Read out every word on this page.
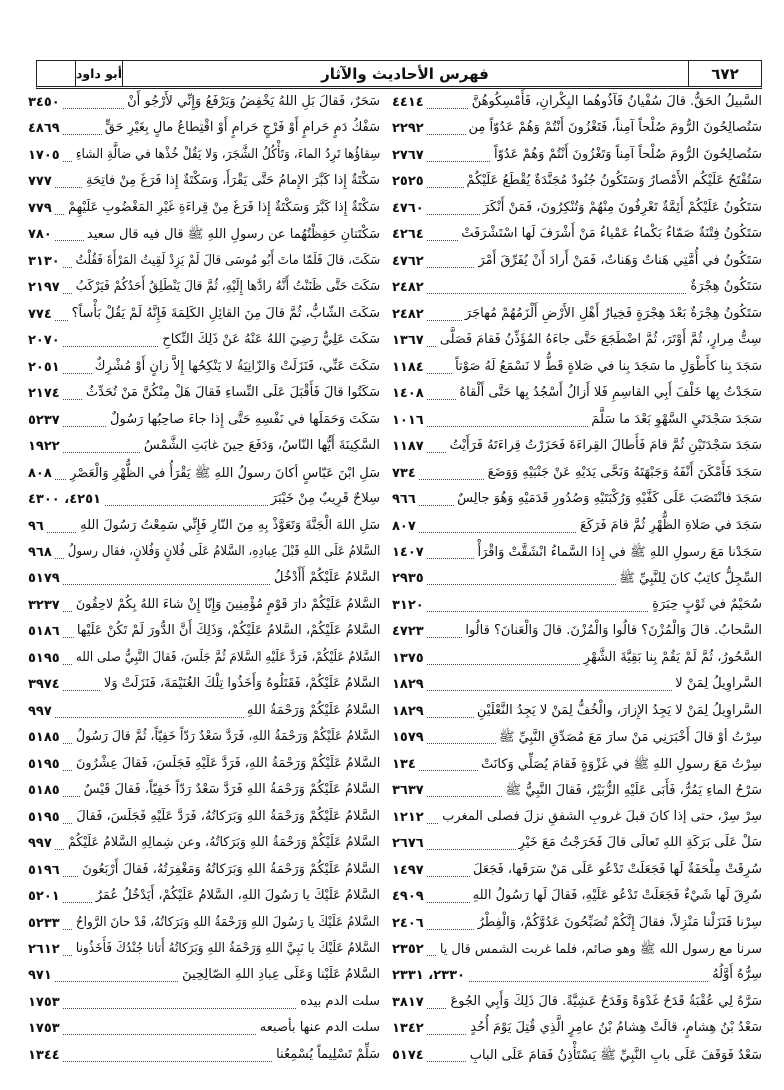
٦٧٢
فهرس الأحاديث والآثار
أبو داود
السَّبيلُ الحَقُّ. قالَ سُفْيانُ فَآذُوهُما البِكْرانِ، فَأَمْسِكُوهُنَّ
٤٤١٤
سَتُصالِحُونَ الرُّومَ صُلْحاً آمِناً، فَتَغْزُونَ أَنْتُمْ وَهُمْ عَدُوّاً مِن
٢٢٩٢
سَتُصالِحُونَ الرُّومَ صُلْحاً آمِناً وَتَغْزُونَ أَنْتُمْ وَهُمْ عَدُوّاً
٢٧٦٧
سَتُفْتَحُ عَلَيْكُم الأَمْصارُ وَسَتَكُونُ جُنُودٌ مُجَنَّدَةٌ يُقْطَعُ عَلَيْكُمْ
٢٥٢٥
سَتَكُونُ عَلَيْكُمْ أَئِمَّةٌ تَعْرِفُونَ مِنْهُمْ وَتُنْكِرُونَ، فَمَنْ أَنْكَرَ
٤٧٦٠
سَتَكُونُ فِتْنَةٌ صَمّاءُ بَكْماءُ عَمْياءُ مَنْ أَشْرَفَ لَها اسْتَشْرَفَتْ
٤٢٦٤
سَتَكُونُ في أُمَّتِي هَناتٌ وَهَناتٌ، فَمَنْ أَرادَ أَنْ يُفَرِّقَ أَمْرَ
٤٧٦٢
سَتَكُونُ هِجْرَةٌ
٢٤٨٢
سَتَكُونُ هِجْرَةٌ بَعْدَ هِجْرَةٍ فَخِيارُ أَهْلِ الأَرْضِ أَلْزَمُهُمْ مُهاجَرَ
٢٤٨٢
سِتُّ مِرارٍ، ثُمَّ أَوْتَرَ، ثُمَّ اضْطَجَعَ حَتَّى جاءَهُ المُؤَذِّنُ فَقامَ فَصَلَّى
١٣٦٧
سَجَدَ بِنا كأَطْوَلِ ما سَجَدَ بِنا في صَلاةٍ قَطُّ لا نَسْمَعُ لَهُ صَوْتاً
١١٨٤
سَجَدْتُ بِها خَلْفَ أَبِي القاسِمِ فَلا أَزالُ أَسْجُدُ بِها حَتَّى أَلْقاهُ
١٤٠٨
سَجَدَ سَجْدَتَيِ السَّهْوِ بَعْدَ ما سَلَّمَ
١٠١٦
سَجَدَ سَجْدَتَيْنِ ثُمَّ قامَ فَأَطالَ القِراءَةَ فَحَزَرْتُ قِراءَتَهُ فَرَأَيْتُ
١١٨٧
سَجَدَ فَأَمْكَنَ أَنْفَهُ وَجَبْهَتَهُ وَنَحَّى يَدَيْهِ عَنْ جَنْبَيْهِ وَوَضَعَ
٧٣٤
سَجَدَ فانْتَصَبَ عَلَى كَفَّيْهِ وَرُكْبَتَيْهِ وَصُدُورِ قَدَمَيْهِ وَهُوَ جالِسٌ
٩٦٦
سَجَدَ في صَلاةِ الظُّهْرِ ثُمَّ قامَ فَرَكَعَ
٨٠٧
سَجَدْنا مَعَ رسولِ اللهِ ﷺ في إِذا السَّماءُ انْشَقَّتْ وَاقْرَأْ
١٤٠٧
السِّجِلُّ كاتِبٌ كانَ لِلنَّبِيِّ ﷺ
٢٩٣٥
سُحَيْمٌ في ثَوْبٍ حِبَرَةٍ
٣١٢٠
السَّحابُ. قالَ وَالْمُزْنَ؟ قالُوا وَالْمُزْنَ. قالَ وَالْعَنانَ؟ قالُوا
٤٧٢٣
السَّحُورُ، ثُمَّ لَمْ يَقُمْ بِنا بَقِيَّةَ الشَّهْرِ
١٣٧٥
السَّراوِيلُ لِمَنْ لا
١٨٢٩
السَّراوِيلُ لِمَنْ لا يَجِدُ الإِزارَ، والْخُفُّ لِمَنْ لا يَجِدُ النَّعْلَيْنِ
١٨٢٩
سِرْتُ أوْ قالَ أَخْبَرَنِي مَنْ سارَ مَعَ مُصَدِّقِ النَّبِيِّ ﷺ
١٥٧٩
سِرْتُ مَعَ رسولِ اللهِ ﷺ في غَزْوَةٍ فَقامَ يُصَلِّي وَكانَتْ
١٣٤
سَرْحُ الماءِ يَمُرُّ، فَأَبَى عَلَيْهِ الزُّبَيْرُ، فَقالَ النَّبِيُّ ﷺ
٣٦٣٧
سِرْ سِرْ، حتى إذا كانَ قبلَ غروبِ الشفقِ نزلَ فصلى المغرب
١٢١٢
سَلْ عَلَى بَرَكَةِ اللهِ تَعالَى قالَ فَخَرَجْتُ مَعَ خَيْرِ
٢٦٧٦
سُرِقَتْ مِلْحَفَةٌ لَها فَجَعَلَتْ تَدْعُو عَلَى مَنْ سَرَقَها، فَجَعَلَ
١٤٩٧
سُرِقَ لَها شَيْءٌ فَجَعَلَتْ تَدْعُو عَلَيْهِ، فَقالَ لَها رَسُولُ اللهِ
٤٩٠٩
سِرْنا فَنَزَلْنا مَنْزِلاً، فقالَ إِنَّكُمْ تُصَبِّحُونَ عَدُوَّكُمْ، وَالْفِطْرُ
٢٤٠٦
سرنا مع رسول الله ﷺ وهو صائم، فلما غربت الشمس قال يا
٢٣٥٢
سِرُّهُ أَوَّلُهُ
٢٣٣٠، ٢٣٣١
سَرَّهُ لِي عُقْبَةُ قَدَحٌ غَدْوَةً وَقَدَحٌ عَشِيَّةً. قالَ ذَلِكَ وَأَبِي الجُوعَ
٣٨١٧
سَعْدُ بْنُ هِشامٍ، قالَتْ هِشامُ بْنُ عامِرٍ الَّذِي قُتِلَ يَوْمَ أُحُدٍ
١٣٤٢
سَعْدٌ فَوَقَفَ عَلَى بابِ النَّبِيِّ ﷺ يَسْتَأْذِنُ فَقامَ عَلَى البابِ
٥١٧٤
سَحَرٌ، فَقالَ بَلِ اللهُ يَخْفِضُ وَيَرْفَعُ وَإِنِّي لأَرْجُو أَنْ
٣٤٥٠
سَفْكُ دَمٍ حَرامٍ أَوْ فَرْجٍ حَرامٍ أَوْ اقْتِطاعُ مالٍ بِغَيْرِ حَقٍّ
٤٨٦٩
سِقاؤُها تَرِدُ الماءَ، وَتَأْكُلُ الشَّجَرَ، وَلا يَقُلْ خُذْها في ضالَّةِ الشاءِ
١٧٠٥
سَكْتَةٌ إِذا كَبَّرَ الإِمامُ حَتَّى يَقْرَأَ، وَسَكْتَةٌ إِذا فَرَغَ مِنْ فاتِحَةِ
٧٧٧
سَكْتَةٌ إِذا كَبَّرَ وَسَكْتَةٌ إِذا فَرَغَ مِنْ قِراءَةِ غَيْرِ المَغْضُوبِ عَلَيْهِمْ
٧٧٩
سَكْتَتانِ حَفِظْتُهُما عن رسولِ اللهِ ﷺ قال فيه قال سعيد
٧٨٠
سَكَتَ، قالَ فَلَمّا ماتَ أَبُو مُوسَى قالَ لَمْ يَزِدْ لَقِيتُ المَرْأَةَ فَقُلْتُ
٣١٣٠
سَكَتَ حَتَّى ظَنَنْتُ أَنَّهُ رادَّها إِلَيْهِ، ثُمَّ قالَ يَنْطَلِقُ أَحَدُكُمْ فَيَرْكَبُ
٢١٩٧
سَكَتَ الشّابُّ، ثُمَّ قالَ مِنَ القائِلِ الكَلِمَةَ فَإِنَّهُ لَمْ يَقُلْ بَأْساً؟
٧٧٤
سَكَتَ عَلِيٌّ رَضِيَ اللهُ عَنْهُ عَنْ ذَلِكَ النِّكاحِ
٢٠٧٠
سَكَتَ عَنِّي، فَنَزَلَتْ وَالزّانِيَةُ لا يَنْكِحُها إِلاَّ زانٍ أَوْ مُشْرِكٌ
٢٠٥١
سَكَتُوا قالَ فَأَقْبَلَ عَلَى النِّساءِ فَقالَ هَلْ مِنْكُنَّ مَنْ تُحَدِّثُ
٢١٧٤
سَكَتَ وَحَمَلَها في نَفْسِهِ حَتَّى إِذا جاءَ صاحِبُها رَسُولٌ
٥٢٣٧
السَّكِينَةَ أَيُّها النّاسُ، وَدَفَعَ حِينَ غابَتِ الشَّمْسُ
١٩٢٢
سَلِ ابْنَ عَبّاسٍ أكانَ رسولُ اللهِ ﷺ يَقْرَأُ في الظُّهْرِ وَالْعَصْرِ
٨٠٨
سِلاحٌ قَرِيبٌ مِنْ خَيْبَرَ
٤٢٥١، ٤٣٠٠
سَلِ اللهَ الْجَنَّةَ وَتَعَوَّذْ بِهِ مِنَ النّارِ فَإِنِّي سَمِعْتُ رَسُولَ اللهِ
٩٦
السَّلامُ عَلَى اللهِ قَبْلَ عِبادِهِ، السَّلامُ عَلَى فُلانٍ وَفُلانٍ، فقال رسولُ
٩٦٨
السَّلامُ عَلَيْكُمْ أَأَدْخُلُ
٥١٧٩
السَّلامُ عَلَيْكُمْ دارَ قَوْمٍ مُؤْمِنِينَ وَإِنّا إِنْ شاءَ اللهُ بِكُمْ لاحِقُونَ
٣٢٣٧
السَّلامُ عَلَيْكُمْ، السَّلامُ عَلَيْكُمْ، وَذَلِكَ أَنَّ الدُّورَ لَمْ تَكُنْ عَلَيْها
٥١٨٦
السَّلامُ عَلَيْكُمْ، فَرَدَّ عَلَيْهِ السَّلامَ ثُمَّ جَلَسَ، فَقالَ النَّبِيُّ صلى الله
٥١٩٥
السَّلامُ عَلَيْكُمْ، فَقَتَلُوهُ وَأَخَذُوا تِلْكَ الغُنَيْمَةَ، فَنَزَلَتْ وَلا
٣٩٧٤
السَّلامُ عَلَيْكُمْ وَرَحْمَةُ اللهِ
٩٩٧
السَّلامُ عَلَيْكُمْ وَرَحْمَةُ اللهِ، فَرَدَّ سَعْدٌ رَدّاً خَفِيّاً، ثُمَّ قالَ رَسُولُ
٥١٨٥
السَّلامُ عَلَيْكُمْ وَرَحْمَةُ اللهِ، فَرَدَّ عَلَيْهِ فَجَلَسَ، فَقالَ عِشْرُونَ
٥١٩٥
السَّلامُ عَلَيْكُمْ وَرَحْمَةُ اللهِ فَرَدَّ سَعْدٌ رَدّاً خَفِيّاً، فَقالَ قَيْسٌ
٥١٨٥
السَّلامُ عَلَيْكُمْ وَرَحْمَةُ اللهِ وَبَرَكاتُهُ، فَرَدَّ عَلَيْهِ فَجَلَسَ، فَقالَ
٥١٩٥
السَّلامُ عَلَيْكُمْ وَرَحْمَةُ اللهِ وَبَرَكاتُهُ، وعن شِمالِهِ السَّلامُ عَلَيْكُمْ
٩٩٧
السَّلامُ عَلَيْكُمْ وَرَحْمَةُ اللهِ وَبَرَكاتُهُ وَمَغْفِرَتُهُ، فَقالَ أَرْبَعُونَ
٥١٩٦
السَّلامُ عَلَيْكَ يا رَسُولَ اللهِ، السَّلامُ عَلَيْكُمْ، أَيَدْخُلُ عُمَرُ
٥٢٠١
السَّلامُ عَلَيْكَ يا رَسُولَ اللهِ وَرَحْمَةُ اللهِ وَبَرَكاتُهُ، قَدْ حانَ الرَّواحُ
٥٢٣٣
السَّلامُ عَلَيْكَ يا نَبِيَّ اللهِ وَرَحْمَةُ اللهِ وَبَرَكاتُهُ أَتانا جُنْدُكَ فَأَخَذُونا
٢٦١٢
السَّلامُ عَلَيْنا وَعَلَى عِبادِ اللهِ الصّالِحِينَ
٩٧١
سلت الدم بيده
١٧٥٣
سلت الدم عنها بأصبعه
١٧٥٣
سَلِّمْ تَسْلِيماً يُسْمِعُنا
١٣٤٤
